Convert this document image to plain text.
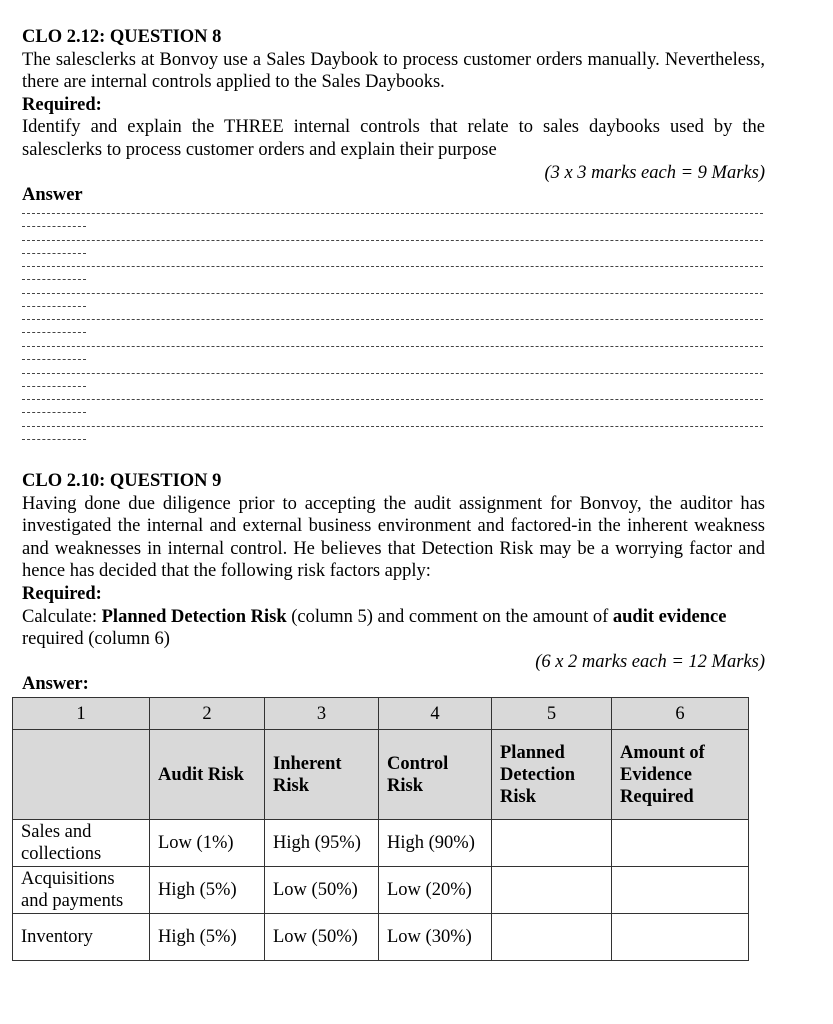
CLO 2.12: QUESTION 8
The salesclerks at Bonvoy use a Sales Daybook to process customer orders manually. Nevertheless, there are internal controls applied to the Sales Daybooks.
Required:
Identify and explain the THREE internal controls that relate to sales daybooks used by the salesclerks to process customer orders and explain their purpose
(3 x 3 marks each = 9 Marks)
Answer
CLO 2.10: QUESTION 9
Having done due diligence prior to accepting the audit assignment for Bonvoy, the auditor has investigated the internal and external business environment and factored-in the inherent weakness and weaknesses in internal control. He believes that Detection Risk may be a worrying factor and hence has decided that the following risk factors apply:
Required:
Calculate: Planned Detection Risk (column 5) and comment on the amount of audit evidence required (column 6)
(6 x 2 marks each = 12 Marks)
Answer:
1	2	3	4	5	6
	Audit Risk	Inherent Risk	Control Risk	Planned Detection Risk	Amount of Evidence Required
Sales and collections	Low (1%)	High (95%)	High (90%)		
Acquisitions and payments	High (5%)	Low (50%)	Low (20%)		
Inventory	High (5%)	Low (50%)	Low (30%)		
